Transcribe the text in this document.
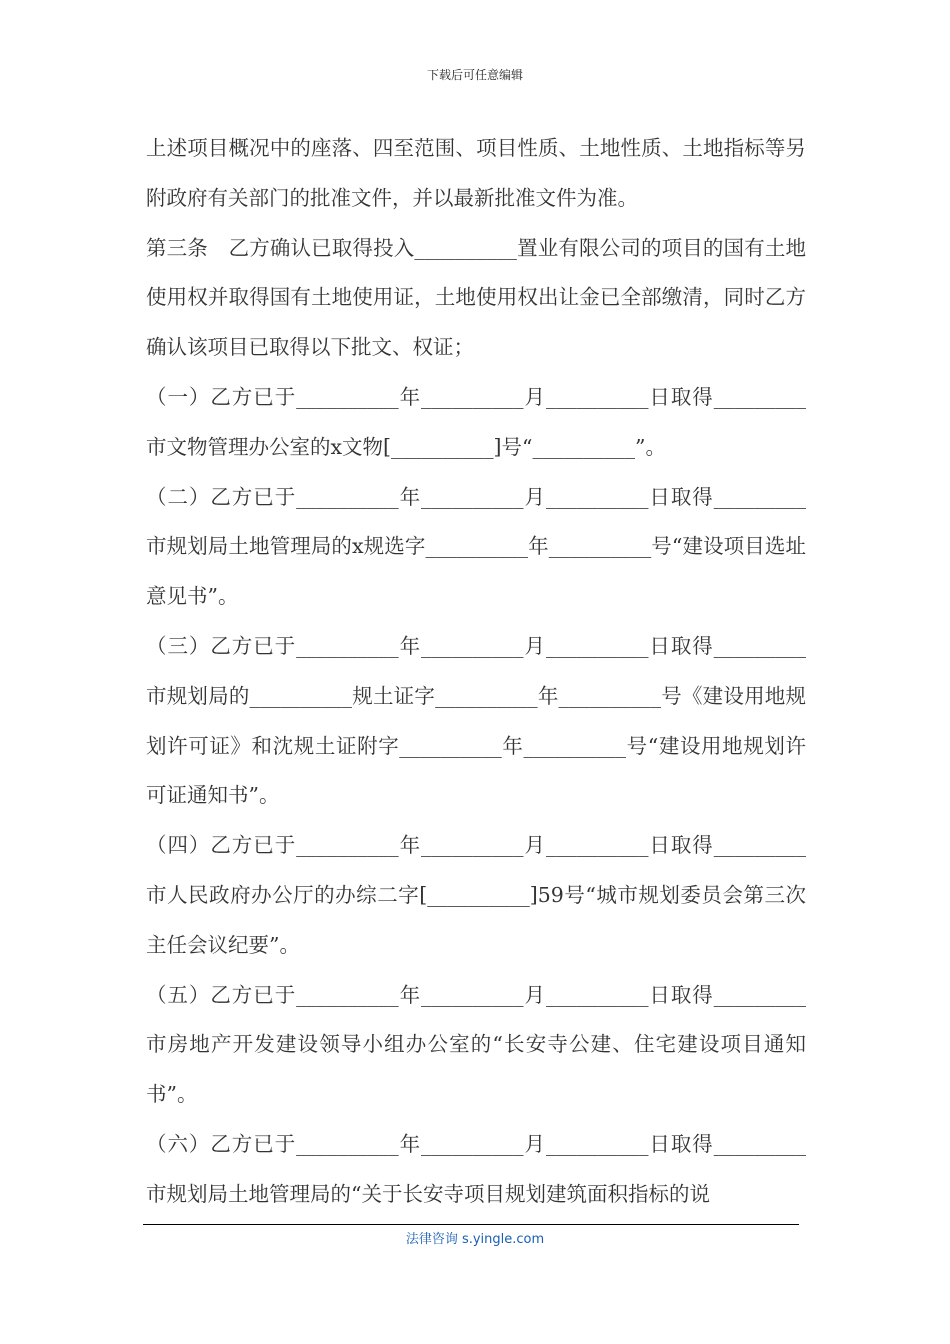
下载后可任意编辑

上述项目概况中的座落、四至范围、项目性质、土地性质、土地指标等另附政府有关部门的批准文件，并以最新批准文件为准。

第三条　乙方确认已取得投入__________置业有限公司的项目的国有土地使用权并取得国有土地使用证，土地使用权出让金已全部缴清，同时乙方确认该项目已取得以下批文、权证；

（一）乙方已于__________年__________月__________日取得_________市文物管理办公室的x文物[__________]号“__________”。

（二）乙方已于__________年__________月__________日取得_________市规划局土地管理局的x规选字__________年__________号“建设项目选址意见书”。

（三）乙方已于__________年__________月__________日取得_________市规划局的__________规土证字__________年__________号《建设用地规划许可证》和沈规土证附字__________年__________号“建设用地规划许可证通知书”。

（四）乙方已于__________年__________月__________日取得_________市人民政府办公厅的办综二字[__________]59号“城市规划委员会第三次主任会议纪要”。

（五）乙方已于__________年__________月__________日取得_________市房地产开发建设领导小组办公室的“长安寺公建、住宅建设项目通知书”。

（六）乙方已于__________年__________月__________日取得_________市规划局土地管理局的“关于长安寺项目规划建筑面积指标的说

法律咨询 s.yingle.com
